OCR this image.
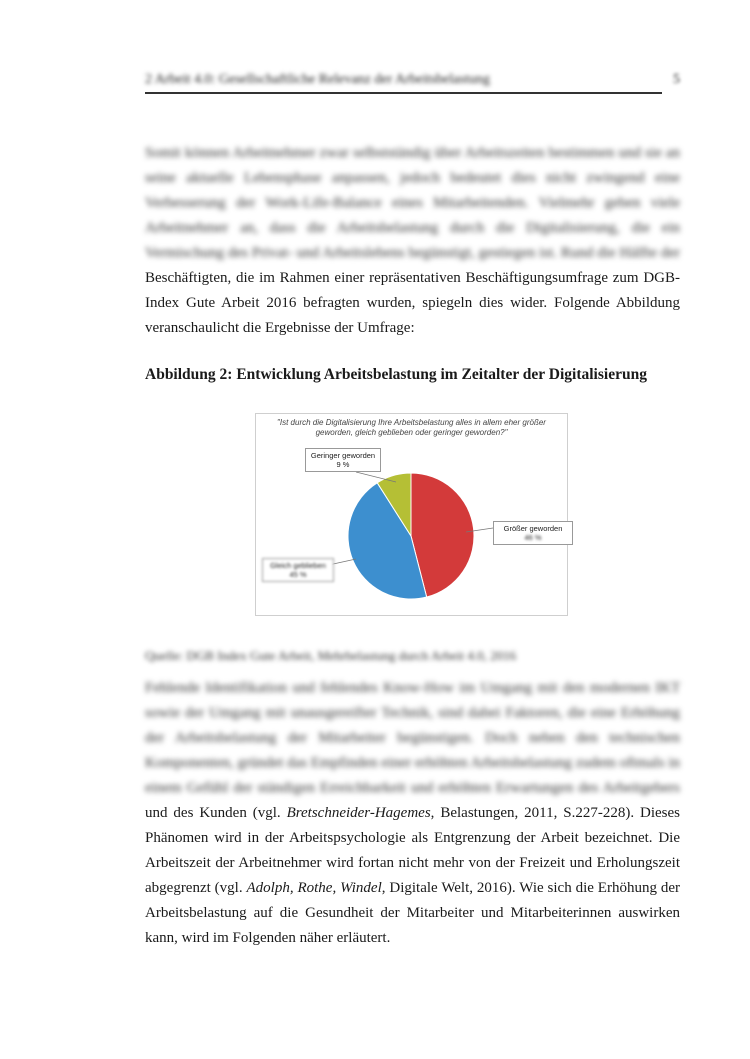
2 Arbeit 4.0: Gesellschaftliche Relevanz der Arbeitsbelastung	5
Somit können Arbeitnehmer zwar selbstständig über Arbeitszeiten bestimmen und sie an seine aktuelle Lebensphase anpassen, jedoch bedeutet dies nicht zwingend eine Verbesserung der Work-Life-Balance eines Mitarbeitenden. Vielmehr geben viele Arbeitnehmer an, dass die Arbeitsbelastung durch die Digitalisierung, die ein Vermischung des Privat- und Arbeitslebens begünstigt, gestiegen ist. Rund die Hälfte der Beschäftigten, die im Rahmen einer repräsentativen Beschäftigungsumfrage zum DGB-Index Gute Arbeit 2016 befragten wurden, spiegeln dies wider. Folgende Abbildung veranschaulicht die Ergebnisse der Umfrage:

Abbildung 2: Entwicklung Arbeitsbelastung im Zeitalter der Digitalisierung

"Ist durch die Digitalisierung Ihre Arbeitsbelastung alles in allem eher größer geworden, gleich geblieben oder geringer geworden?"
Geringer geworden
9 %
Größer geworden
46 %
Gleich geblieben
45 %

Quelle: DGB Index Gute Arbeit, Mehrbelastung durch Arbeit 4.0, 2016

Fehlende Identifikation und fehlendes Know-How im Umgang mit den modernen IKT sowie der Umgang mit unausgereifter Technik, sind dabei Faktoren, die eine Erhöhung der Arbeitsbelastung der Mitarbeiter begünstigen. Doch neben den technischen Komponenten, gründet das Empfinden einer erhöhten Arbeitsbelastung zudem oftmals in einem Gefühl der ständigen Erreichbarkeit und erhöhten Erwartungen des Arbeitgebers und des Kunden (vgl. Bretschneider-Hagemes, Belastungen, 2011, S.227-228). Dieses Phänomen wird in der Arbeitspsychologie als Entgrenzung der Arbeit bezeichnet. Die Arbeitszeit der Arbeitnehmer wird fortan nicht mehr von der Freizeit und Erholungszeit abgegrenzt (vgl. Adolph, Rothe, Windel, Digitale Welt, 2016). Wie sich die Erhöhung der Arbeitsbelastung auf die Gesundheit der Mitarbeiter und Mitarbeiterinnen auswirken kann, wird im Folgenden näher erläutert.
